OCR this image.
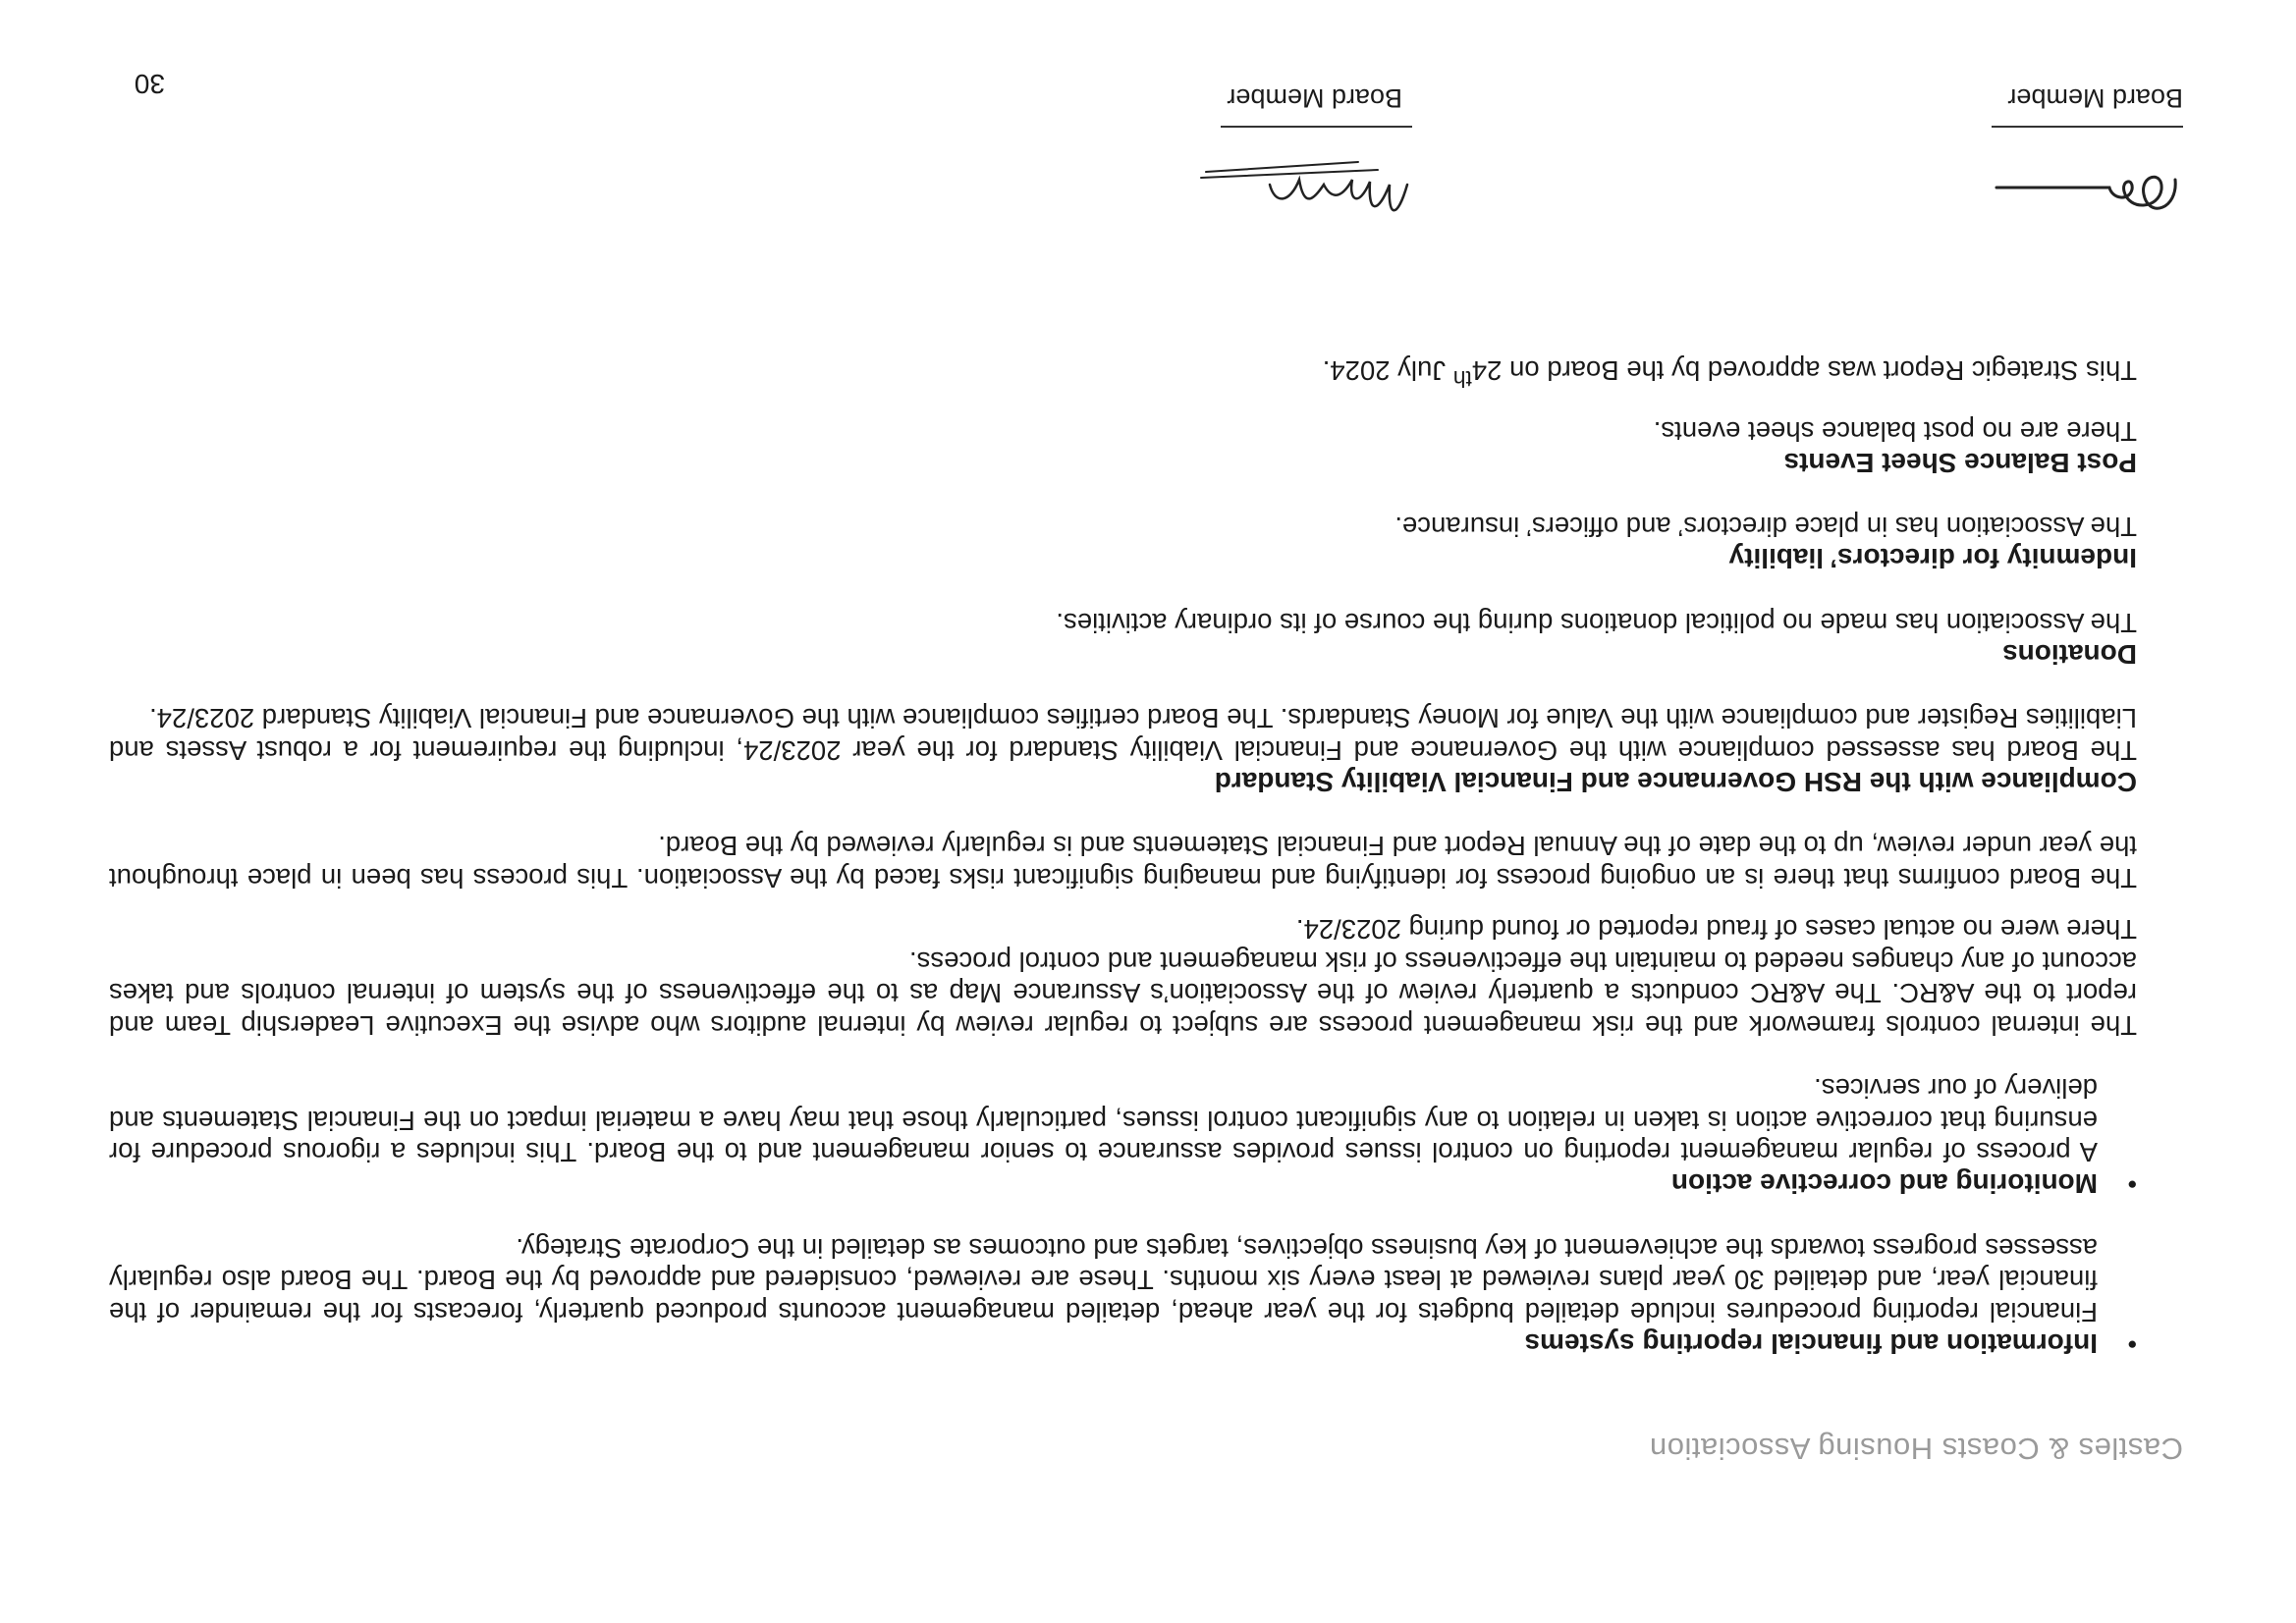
Castles & Coasts Housing Association
•
Information and financial reporting systems

Financial reporting procedures include detailed budgets for the year ahead, detailed management accounts produced quarterly, forecasts for the remainder of the financial year, and detailed 30 year plans reviewed at least every six months. These are reviewed, considered and approved by the Board. The Board also regularly assesses progress towards the achievement of key business objectives, targets and outcomes as detailed in the Corporate Strategy.

•
Monitoring and corrective action

A process of regular management reporting on control issues provides assurance to senior management and to the Board. This includes a rigorous procedure for ensuring that corrective action is taken in relation to any significant control issues, particularly those that may have a material impact on the Financial Statements and delivery of our services.

The internal controls framework and the risk management process are subject to regular review by internal auditors who advise the Executive Leadership Team and report to the A&RC. The A&RC conducts a quarterly review of the Association’s Assurance Map as to the effectiveness of the system of internal controls and takes account of any changes needed to maintain the effectiveness of risk management and control process.

There were no actual cases of fraud reported or found during 2023/24.

The Board confirms that there is an ongoing process for identifying and managing significant risks faced by the Association. This process has been in place throughout the year under review, up to the date of the Annual Report and Financial Statements and is regularly reviewed by the Board.

Compliance with the RSH Governance and Financial Viability Standard

The Board has assessed compliance with the Governance and Financial Viability Standard for the year 2023/24, including the requirement for a robust Assets and Liabilities Register and compliance with the Value for Money Standards. The Board certifies compliance with the Governance and Financial Viability Standard 2023/24.

Donations

The Association has made no political donations during the course of its ordinary activities.

Indemnity for directors’ liability

The Association has in place directors’ and officers’ insurance.

Post Balance Sheet Events

There are no post balance sheet events.

This Strategic Report was approved by the Board on 24th July 2024.

Board Member
Board Member
30
